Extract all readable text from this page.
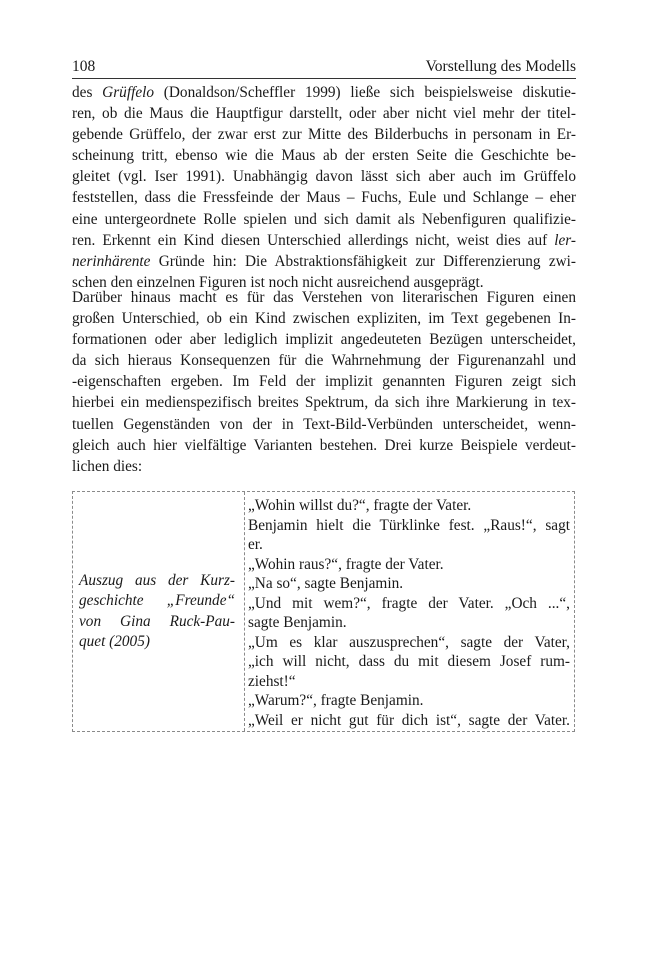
108	Vorstellung des Modells
des Grüffelo (Donaldson/Scheffler 1999) ließe sich beispielsweise diskutie-
ren, ob die Maus die Hauptfigur darstellt, oder aber nicht viel mehr der titel-
gebende Grüffelo, der zwar erst zur Mitte des Bilderbuchs in personam in Er-
scheinung tritt, ebenso wie die Maus ab der ersten Seite die Geschichte be-
gleitet (vgl. Iser 1991). Unabhängig davon lässt sich aber auch im Grüffelo
feststellen, dass die Fressfeinde der Maus – Fuchs, Eule und Schlange – eher
eine untergeordnete Rolle spielen und sich damit als Nebenfiguren qualifizie-
ren. Erkennt ein Kind diesen Unterschied allerdings nicht, weist dies auf ler-
nerinhärente Gründe hin: Die Abstraktionsfähigkeit zur Differenzierung zwi-
schen den einzelnen Figuren ist noch nicht ausreichend ausgeprägt.
Darüber hinaus macht es für das Verstehen von literarischen Figuren einen
großen Unterschied, ob ein Kind zwischen expliziten, im Text gegebenen In-
formationen oder aber lediglich implizit angedeuteten Bezügen unterscheidet,
da sich hieraus Konsequenzen für die Wahrnehmung der Figurenanzahl und
-eigenschaften ergeben. Im Feld der implizit genannten Figuren zeigt sich
hierbei ein medienspezifisch breites Spektrum, da sich ihre Markierung in tex-
tuellen Gegenständen von der in Text-Bild-Verbünden unterscheidet, wenn-
gleich auch hier vielfältige Varianten bestehen. Drei kurze Beispiele verdeut-
lichen dies:
Auszug aus der Kurz-
geschichte „Freunde“
von Gina Ruck-Pau-
quet (2005)
„Wohin willst du?“, fragte der Vater.
Benjamin hielt die Türklinke fest. „Raus!“, sagt
er.
„Wohin raus?“, fragte der Vater.
„Na so“, sagte Benjamin.
„Und mit wem?“, fragte der Vater. „Och ...“,
sagte Benjamin.
„Um es klar auszusprechen“, sagte der Vater,
„ich will nicht, dass du mit diesem Josef rum-
ziehst!“
„Warum?“, fragte Benjamin.
„Weil er nicht gut für dich ist“, sagte der Vater.
